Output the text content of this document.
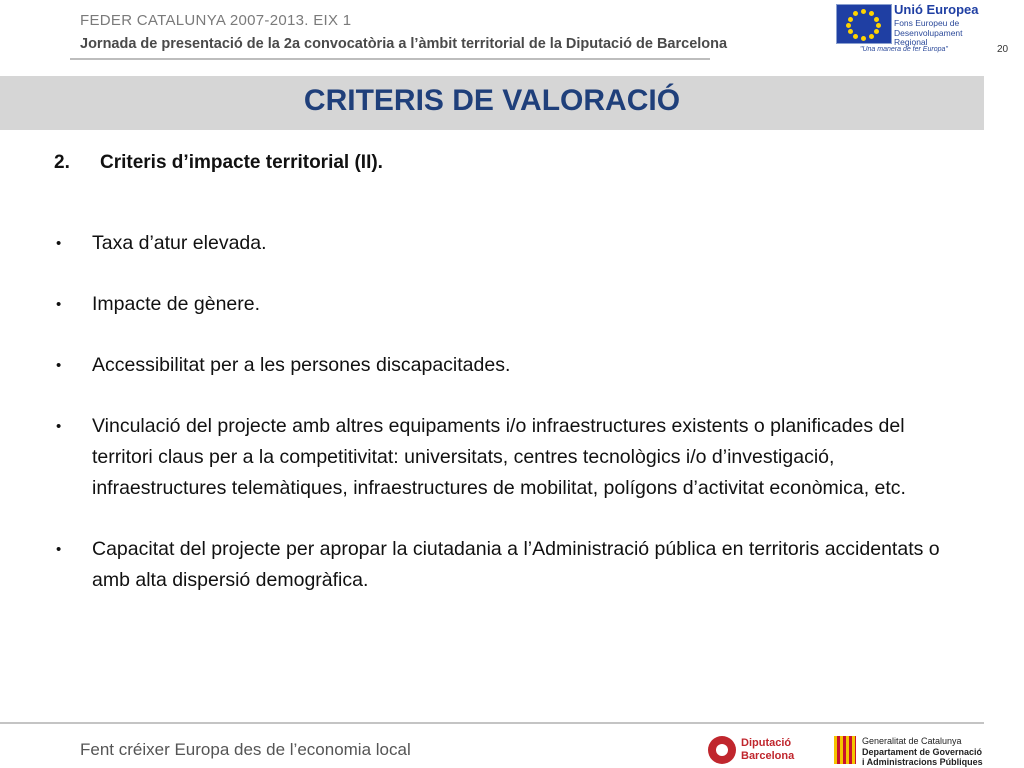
FEDER CATALUNYA 2007-2013. EIX 1
Jornada de presentació de la 2a convocatòria a l’àmbit territorial de la Diputació de Barcelona
Unió Europea
Fons Europeu de Desenvolupament Regional
"Una manera de fer Europa"	20
CRITERIS DE VALORACIÓ
2. Criteris d’impacte territorial (II).
• Taxa d’atur elevada.
• Impacte de gènere.
• Accessibilitat per a les persones discapacitades.
• Vinculació del projecte amb altres equipaments i/o infraestructures existents o planificades del territori claus per a la competitivitat: universitats, centres tecnològics i/o d’investigació, infraestructures telemàtiques, infraestructures de mobilitat, polígons d’activitat econòmica, etc.
• Capacitat del projecte per apropar la ciutadania a l’Administració pública en territoris accidentats o amb alta dispersió demogràfica.
Fent créixer Europa des de l’economia local	Diputació
Barcelona
Generalitat de Catalunya
Departament de Governació
i Administracions Públiques
